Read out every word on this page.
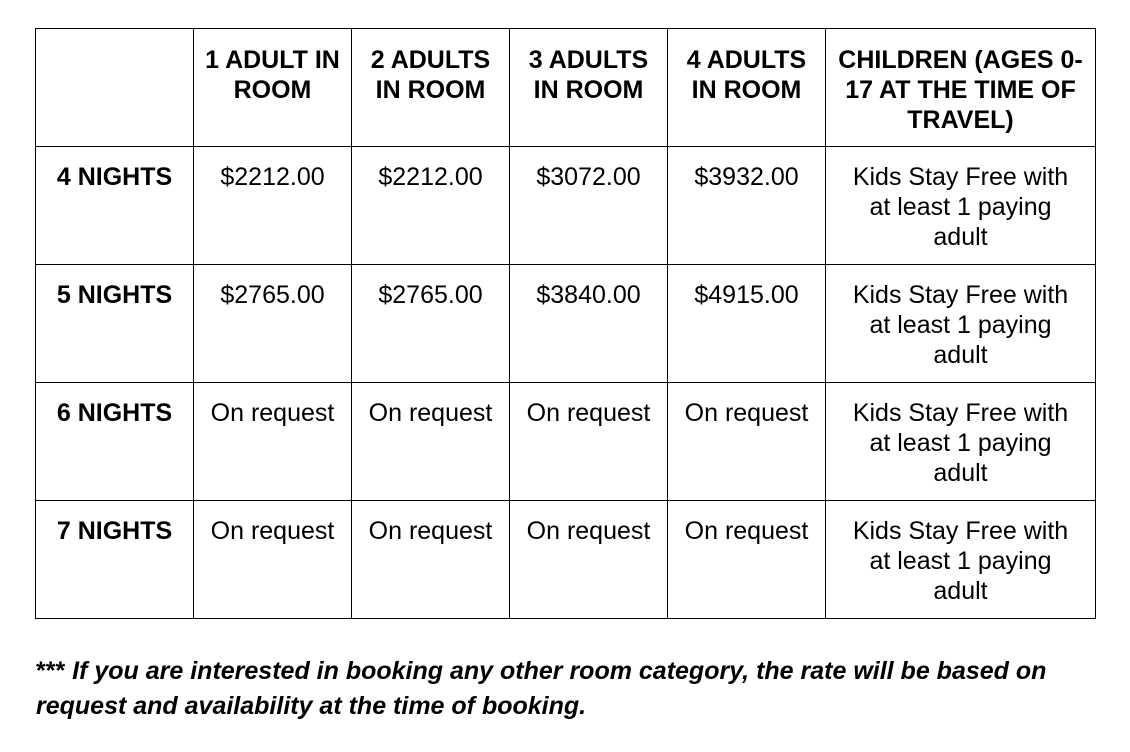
	1 ADULT IN ROOM	2 ADULTS IN ROOM	3 ADULTS IN ROOM	4 ADULTS IN ROOM	CHILDREN (AGES 0-17 AT THE TIME OF TRAVEL)

4 NIGHTS	$2212.00	$2212.00	$3072.00	$3932.00	Kids Stay Free with at least 1 paying adult

5 NIGHTS	$2765.00	$2765.00	$3840.00	$4915.00	Kids Stay Free with at least 1 paying adult

6 NIGHTS	On request	On request	On request	On request	Kids Stay Free with at least 1 paying adult

7 NIGHTS	On request	On request	On request	On request	Kids Stay Free with at least 1 paying adult
*** If you are interested in booking any other room category, the rate will be based on request and availability at the time of booking.
